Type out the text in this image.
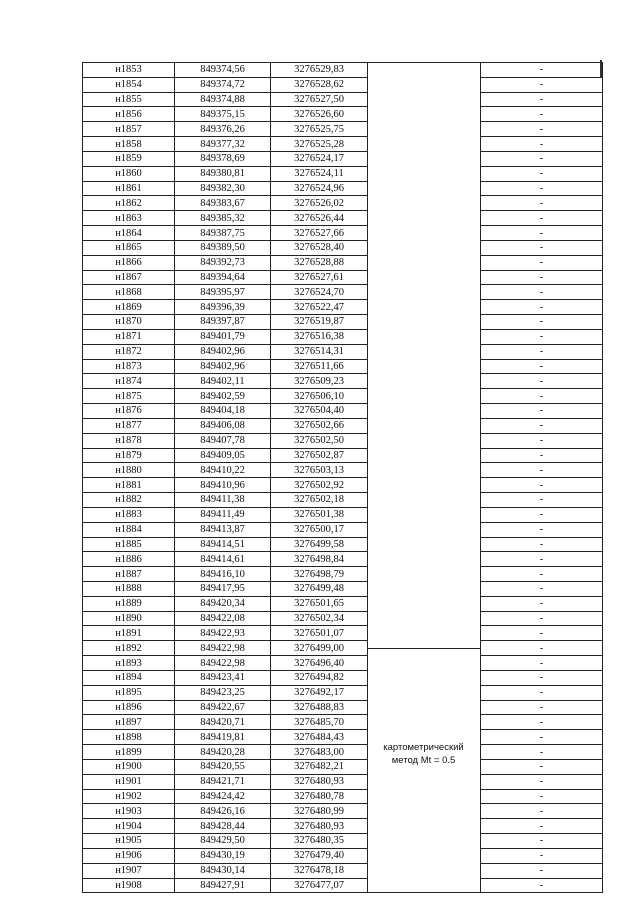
н1853	849374,56	3276529,83		-
н1854	849374,72	3276528,62		-
н1855	849374,88	3276527,50		-
н1856	849375,15	3276526,60		-
н1857	849376,26	3276525,75		-
н1858	849377,32	3276525,28		-
н1859	849378,69	3276524,17		-
н1860	849380,81	3276524,11		-
н1861	849382,30	3276524,96		-
н1862	849383,67	3276526,02		-
н1863	849385,32	3276526,44		-
н1864	849387,75	3276527,66		-
н1865	849389,50	3276528,40		-
н1866	849392,73	3276528,88		-
н1867	849394,64	3276527,61		-
н1868	849395,97	3276524,70		-
н1869	849396,39	3276522,47		-
н1870	849397,87	3276519,87		-
н1871	849401,79	3276516,38		-
н1872	849402,96	3276514,31		-
н1873	849402,96	3276511,66		-
н1874	849402,11	3276509,23		-
н1875	849402,59	3276506,10		-
н1876	849404,18	3276504,40		-
н1877	849406,08	3276502,66		-
н1878	849407,78	3276502,50		-
н1879	849409,05	3276502,87		-
н1880	849410,22	3276503,13		-
н1881	849410,96	3276502,92		-
н1882	849411,38	3276502,18		-
н1883	849411,49	3276501,38		-
н1884	849413,87	3276500,17		-
н1885	849414,51	3276499,58		-
н1886	849414,61	3276498,84		-
н1887	849416,10	3276498,79		-
н1888	849417,95	3276499,48		-
н1889	849420,34	3276501,65		-
н1890	849422,08	3276502,34		-
н1891	849422,93	3276501,07		-
н1892	849422,98	3276499,00		-
н1893	849422,98	3276496,40		-
н1894	849423,41	3276494,82		-
н1895	849423,25	3276492,17		-
н1896	849422,67	3276488,83		-
н1897	849420,71	3276485,70		-
н1898	849419,81	3276484,43		-
н1899	849420,28	3276483,00		-
н1900	849420,55	3276482,21		-
н1901	849421,71	3276480,93		-
н1902	849424,42	3276480,78		-
н1903	849426,16	3276480,99		-
н1904	849428,44	3276480,93		-
н1905	849429,50	3276480,35		-
н1906	849430,19	3276479,40		-
н1907	849430,14	3276478,18		-
н1908	849427,91	3276477,07		-
картометрический
метод Mt = 0.5
